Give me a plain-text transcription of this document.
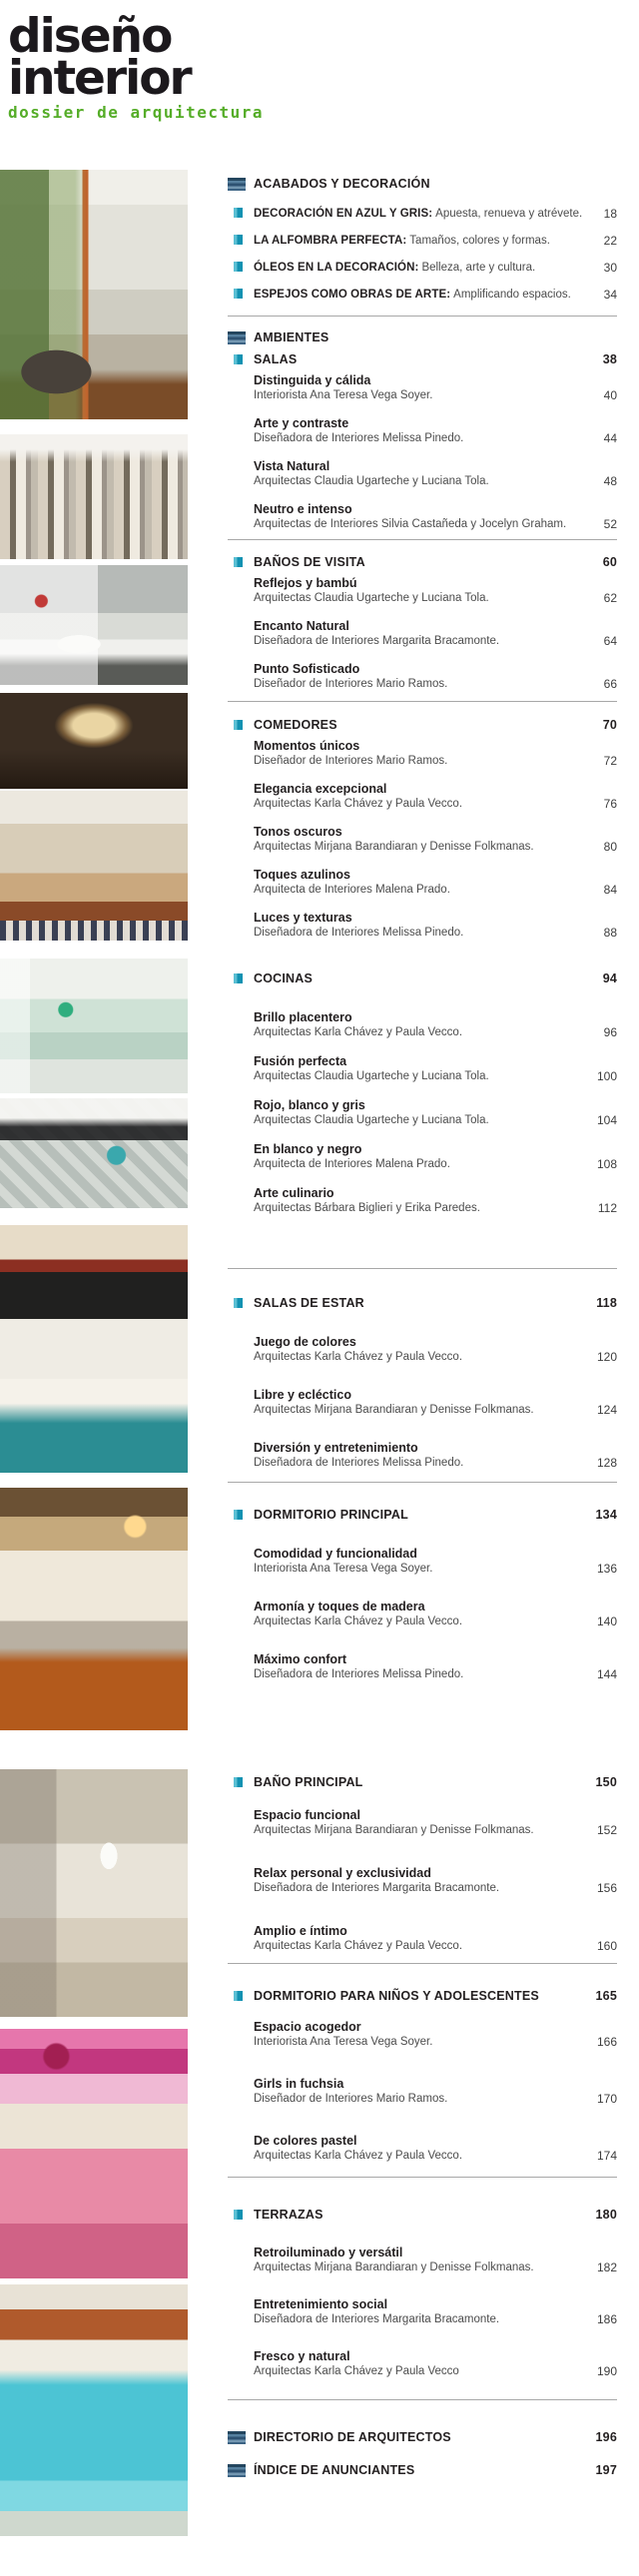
diseño
interior
dossier de arquitectura
ACABADOS Y DECORACIÓN
DECORACIÓN EN AZUL Y GRIS: Apuesta, renueva y atrévete.	18
LA ALFOMBRA PERFECTA: Tamaños, colores y formas.	22
ÓLEOS EN LA DECORACIÓN: Belleza, arte y cultura.	30
ESPEJOS COMO OBRAS DE ARTE: Amplificando espacios.	34
AMBIENTES
SALAS	38
Distinguida y cálida
Interiorista Ana Teresa Vega Soyer.	40
Arte y contraste
Diseñadora de Interiores Melissa Pinedo.	44
Vista Natural
Arquitectas Claudia Ugarteche y Luciana Tola.	48
Neutro e intenso
Arquitectas de Interiores Silvia Castañeda y Jocelyn Graham.	52
BAÑOS DE VISITA	60
Reflejos y bambú
Arquitectas Claudia Ugarteche y Luciana Tola.	62
Encanto Natural
Diseñadora de Interiores Margarita Bracamonte.	64
Punto Sofisticado
Diseñador de Interiores Mario Ramos.	66
COMEDORES	70
Momentos únicos
Diseñador de Interiores Mario Ramos.	72
Elegancia excepcional
Arquitectas Karla Chávez y Paula Vecco.	76
Tonos oscuros
Arquitectas Mirjana Barandiaran y Denisse Folkmanas.	80
Toques azulinos
Arquitecta de Interiores Malena Prado.	84
Luces y texturas
Diseñadora de Interiores Melissa Pinedo.	88
COCINAS	94
Brillo placentero
Arquitectas Karla Chávez y Paula Vecco.	96
Fusión perfecta
Arquitectas Claudia Ugarteche y Luciana Tola.	100
Rojo, blanco y gris
Arquitectas Claudia Ugarteche y Luciana Tola.	104
En blanco y negro
Arquitecta de Interiores Malena Prado.	108
Arte culinario
Arquitectas Bárbara Biglieri y Erika Paredes.	112
SALAS DE ESTAR	118
Juego de colores
Arquitectas Karla Chávez y Paula Vecco.	120
Libre y ecléctico
Arquitectas Mirjana Barandiaran y Denisse Folkmanas.	124
Diversión y entretenimiento
Diseñadora de Interiores Melissa Pinedo.	128
DORMITORIO PRINCIPAL	134
Comodidad y funcionalidad
Interiorista Ana Teresa Vega Soyer.	136
Armonía y toques de madera
Arquitectas Karla Chávez y Paula Vecco.	140
Máximo confort
Diseñadora de Interiores Melissa Pinedo.	144
BAÑO PRINCIPAL	150
Espacio funcional
Arquitectas Mirjana Barandiaran y Denisse Folkmanas.	152
Relax personal y exclusividad
Diseñadora de Interiores Margarita Bracamonte.	156
Amplio e íntimo
Arquitectas Karla Chávez y Paula Vecco.	160
DORMITORIO PARA NIÑOS Y ADOLESCENTES	165
Espacio acogedor
Interiorista Ana Teresa Vega Soyer.	166
Girls in fuchsia
Diseñador de Interiores Mario Ramos.	170
De colores pastel
Arquitectas Karla Chávez y Paula Vecco.	174
TERRAZAS	180
Retroiluminado y versátil
Arquitectas Mirjana Barandiaran y Denisse Folkmanas.	182
Entretenimiento social
Diseñadora de Interiores Margarita Bracamonte.	186
Fresco y natural
Arquitectas Karla Chávez y Paula Vecco	190
DIRECTORIO DE ARQUITECTOS	196
ÍNDICE DE ANUNCIANTES	197
